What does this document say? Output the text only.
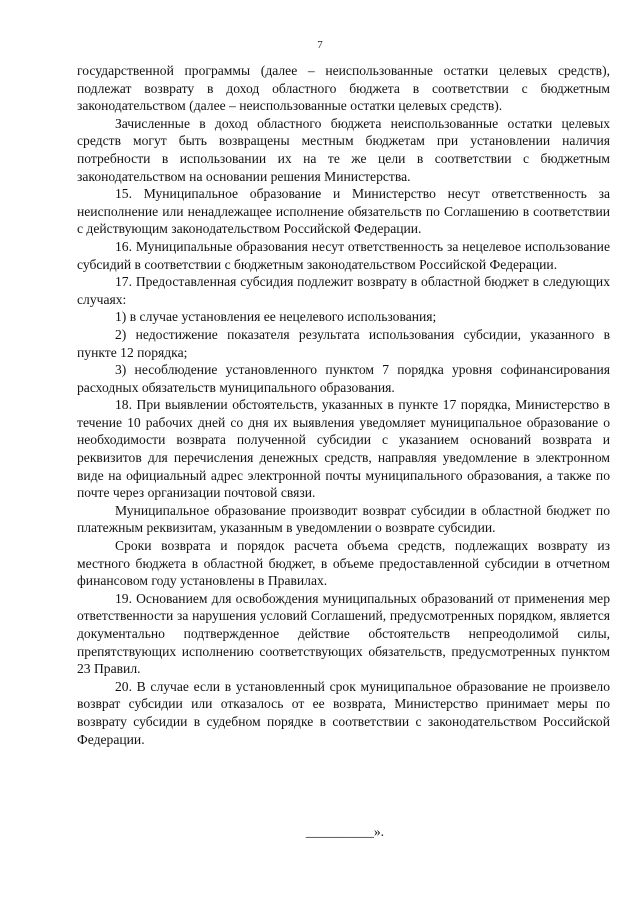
7

государственной программы (далее – неиспользованные остатки целевых средств), подлежат возврату в доход областного бюджета в соответствии с бюджетным законодательством (далее – неиспользованные остатки целевых средств).

Зачисленные в доход областного бюджета неиспользованные остатки целевых средств могут быть возвращены местным бюджетам при установлении наличия потребности в использовании их на те же цели в соответствии с бюджетным законодательством на основании решения Министерства.

15. Муниципальное образование и Министерство несут ответственность за неисполнение или ненадлежащее исполнение обязательств по Соглашению в соответствии с действующим законодательством Российской Федерации.

16. Муниципальные образования несут ответственность за нецелевое использование субсидий в соответствии с бюджетным законодательством Российской Федерации.

17. Предоставленная субсидия подлежит возврату в областной бюджет в следующих случаях:

1) в случае установления ее нецелевого использования;

2) недостижение показателя результата использования субсидии, указанного в пункте 12 порядка;

3) несоблюдение установленного пунктом 7 порядка уровня софинансирования расходных обязательств муниципального образования.

18. При выявлении обстоятельств, указанных в пункте 17 порядка, Министерство в течение 10 рабочих дней со дня их выявления уведомляет муниципальное образование о необходимости возврата полученной субсидии с указанием оснований возврата и реквизитов для перечисления денежных средств, направляя уведомление в электронном виде на официальный адрес электронной почты муниципального образования, а также по почте через организации почтовой связи.

Муниципальное образование производит возврат субсидии в областной бюджет по платежным реквизитам, указанным в уведомлении о возврате субсидии.

Сроки возврата и порядок расчета объема средств, подлежащих возврату из местного бюджета в областной бюджет, в объеме предоставленной субсидии в отчетном финансовом году установлены в Правилах.

19. Основанием для освобождения муниципальных образований от применения мер ответственности за нарушения условий Соглашений, предусмотренных порядком, является документально подтвержденное действие обстоятельств непреодолимой силы, препятствующих исполнению соответствующих обязательств, предусмотренных пунктом 23 Правил.

20. В случае если в установленный срок муниципальное образование не произвело возврат субсидии или отказалось от ее возврата, Министерство принимает меры по возврату субсидии в судебном порядке в соответствии с законодательством Российской Федерации.

__________».
